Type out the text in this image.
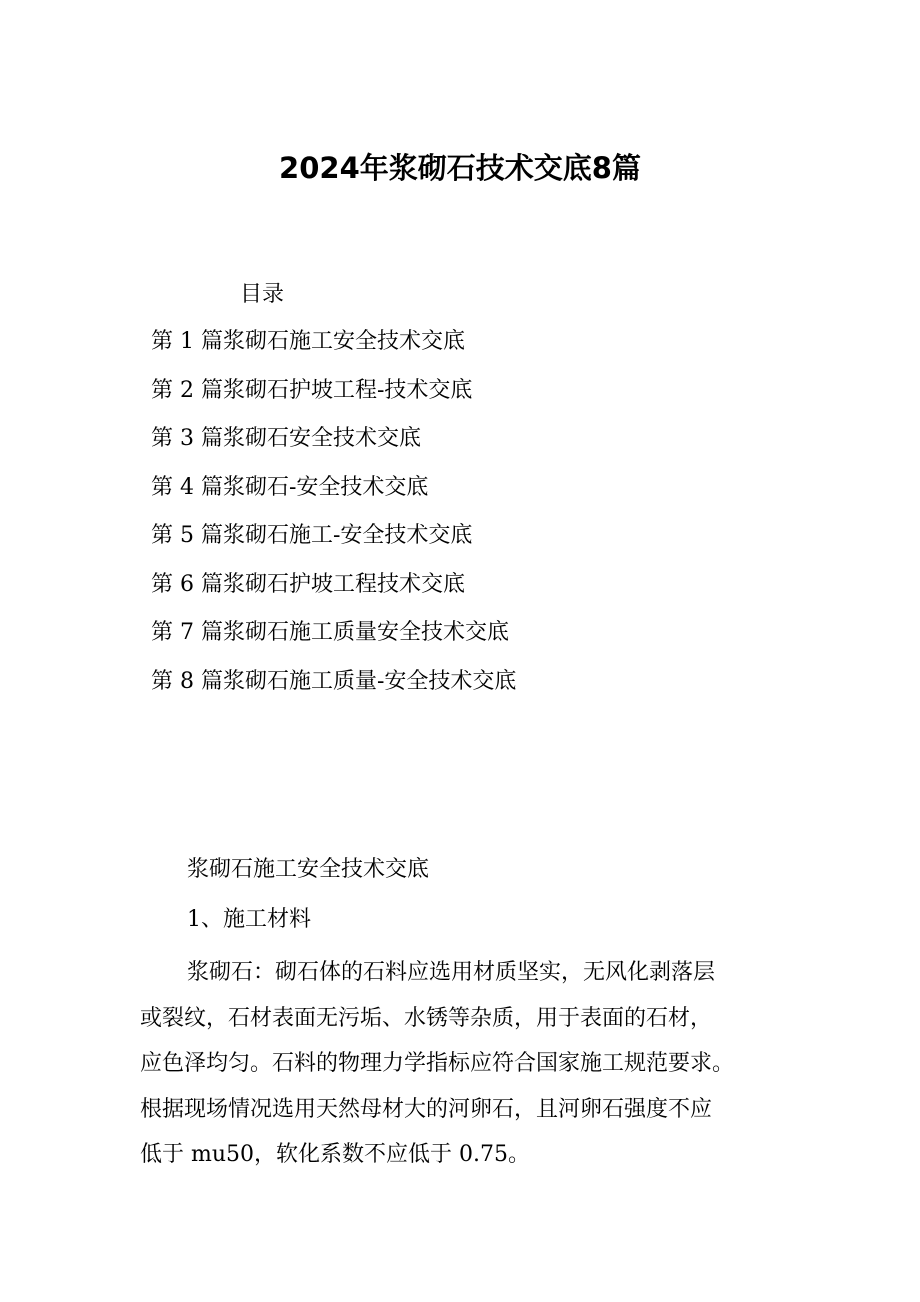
2024年浆砌石技术交底8篇
目录
第 1 篇浆砌石施工安全技术交底
第 2 篇浆砌石护坡工程-技术交底
第 3 篇浆砌石安全技术交底
第 4 篇浆砌石-安全技术交底
第 5 篇浆砌石施工-安全技术交底
第 6 篇浆砌石护坡工程技术交底
第 7 篇浆砌石施工质量安全技术交底
第 8 篇浆砌石施工质量-安全技术交底
浆砌石施工安全技术交底
1、施工材料
浆砌石：砌石体的石料应选用材质坚实，无风化剥落层
或裂纹，石材表面无污垢、水锈等杂质，用于表面的石材，
应色泽均匀。石料的物理力学指标应符合国家施工规范要求。
根据现场情况选用天然母材大的河卵石，且河卵石强度不应
低于 mu50，软化系数不应低于 0.75。
